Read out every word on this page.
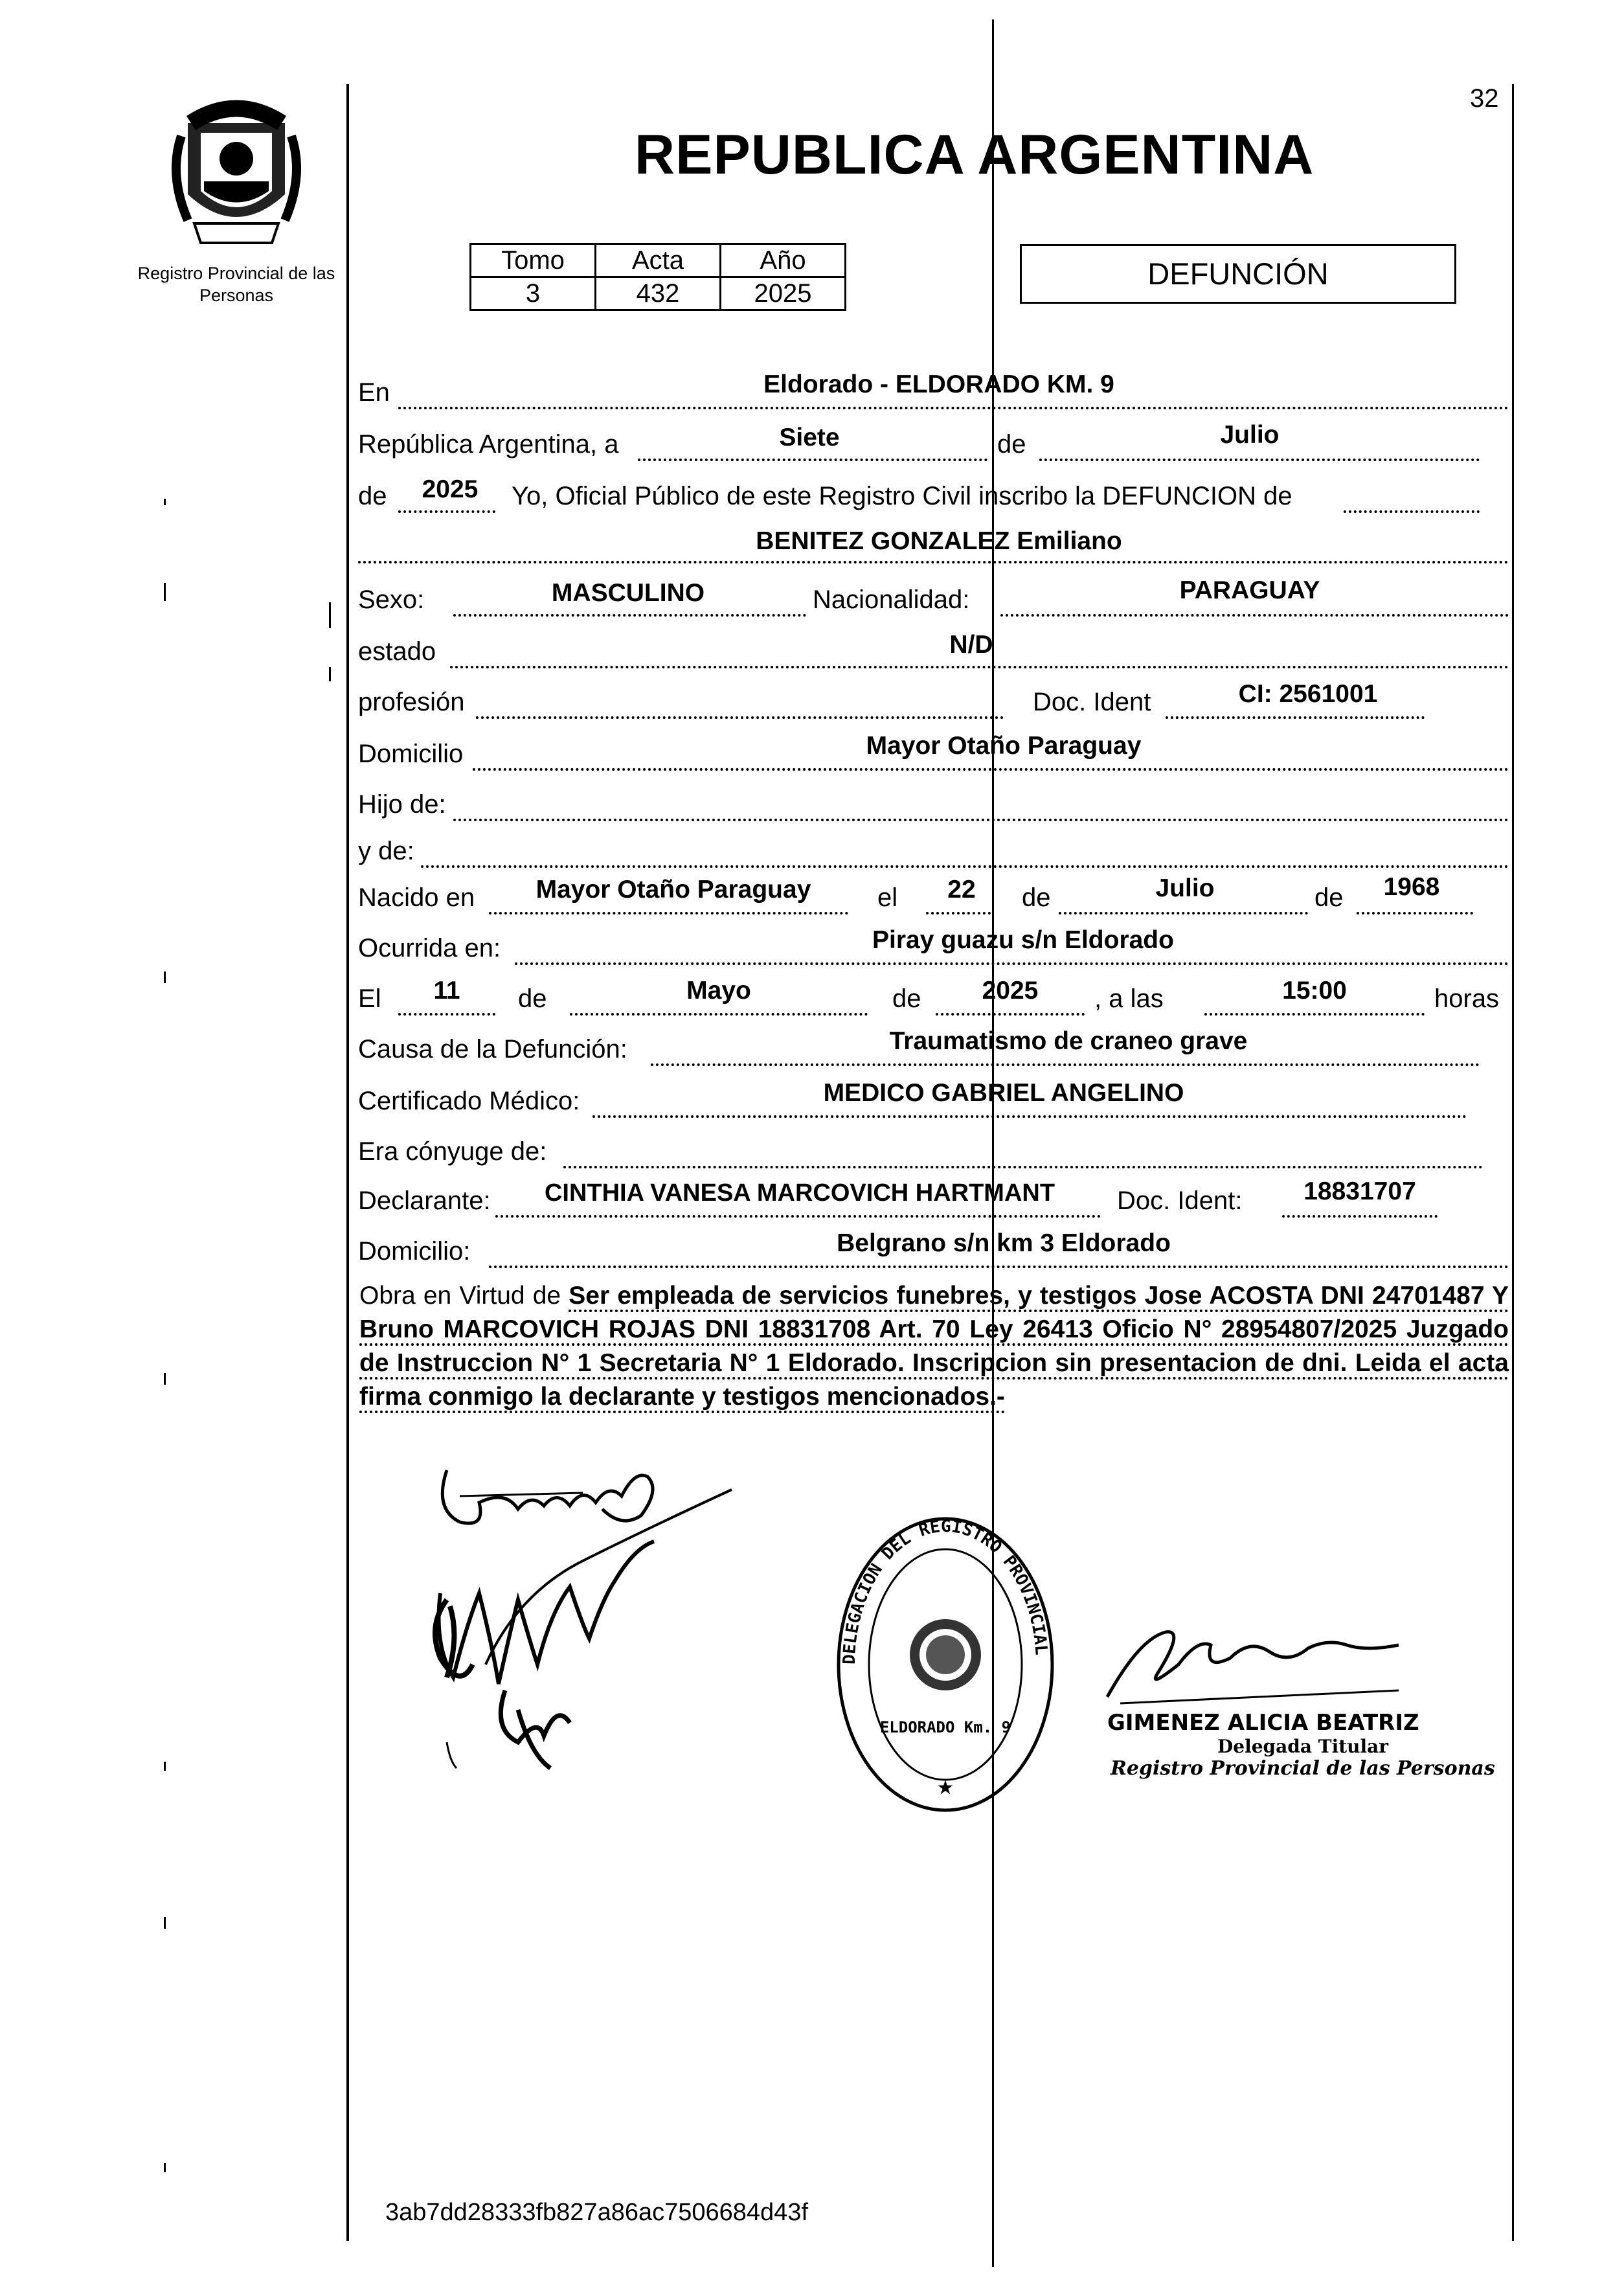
32
Registro Provincial de las Personas
REPUBLICA ARGENTINA
Tomo	Acta	Año
3	432	2025
DEFUNCIÓN
En	Eldorado - ELDORADO KM. 9
República Argentina, a	Siete	de	Julio
de	2025	Yo, Oficial Público de este Registro Civil inscribo la DEFUNCION de
BENITEZ GONZALEZ Emiliano
Sexo:	MASCULINO	Nacionalidad:	PARAGUAY
estado	N/D
profesión	Doc. Ident	CI: 2561001
Domicilio	Mayor Otaño Paraguay
Hijo de:
y de:
Nacido en	Mayor Otaño Paraguay	el	22	de	Julio	de	1968
Ocurrida en:	Piray guazu s/n Eldorado
El	11	de	Mayo	de	2025	, a las	15:00	horas
Causa de la Defunción:	Traumatismo de craneo grave
Certificado Médico:	MEDICO GABRIEL ANGELINO
Era cónyuge de:
Declarante:	CINTHIA VANESA MARCOVICH HARTMANT	Doc. Ident:	18831707
Domicilio:	Belgrano s/n km 3 Eldorado
Obra en Virtud de Ser empleada de servicios funebres, y testigos Jose ACOSTA DNI 24701487 Y Bruno MARCOVICH ROJAS DNI 18831708 Art. 70 Ley 26413 Oficio N° 28954807/2025 Juzgado de Instruccion N° 1 Secretaria N° 1 Eldorado. Inscripcion sin presentacion de dni. Leida el acta firma conmigo la declarante y testigos mencionados.-
DELEGACION DEL REGISTRO PROVINCIAL
ELDORADO Km. 9
★
GIMENEZ ALICIA BEATRIZ
Delegada Titular
Registro Provincial de las Personas
3ab7dd28333fb827a86ac7506684d43f
